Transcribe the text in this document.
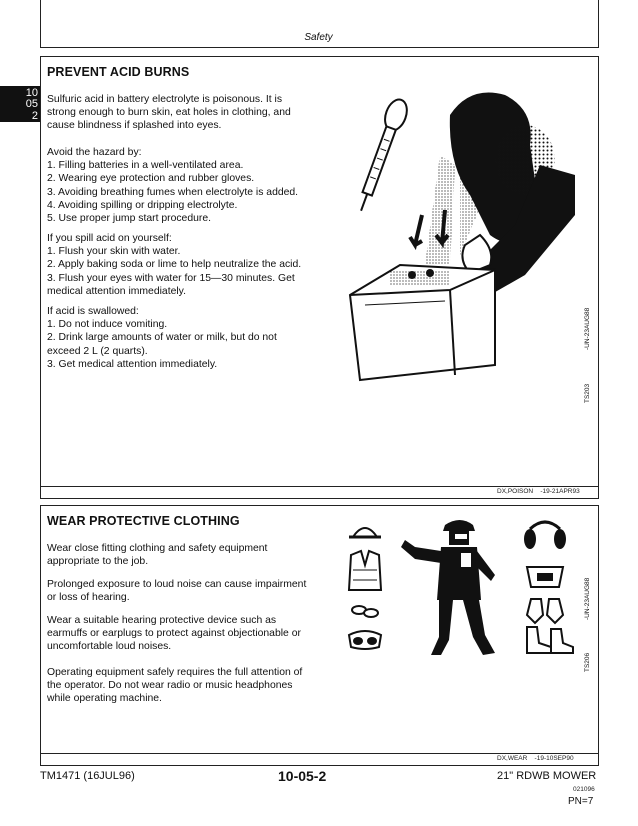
Safety
10
05
2
PREVENT ACID BURNS
Sulfuric acid in battery electrolyte is poisonous. It is
strong enough to burn skin, eat holes in clothing, and
cause blindness if splashed into eyes.
Avoid the hazard by:
1. Filling batteries in a well-ventilated area.
2. Wearing eye protection and rubber gloves.
3. Avoiding breathing fumes when electrolyte is added.
4. Avoiding spilling or dripping electrolyte.
5. Use proper jump start procedure.
If you spill acid on yourself:
1. Flush your skin with water.
2. Apply baking soda or lime to help neutralize the acid.
3. Flush your eyes with water for 15—30 minutes. Get
medical attention immediately.
If acid is swallowed:
1. Do not induce vomiting.
2. Drink large amounts of water or milk, but do not
exceed 2 L (2 quarts).
3. Get medical attention immediately.
TS203
-UN-23AUG88
DX,POISON    -19-21APR93
WEAR PROTECTIVE CLOTHING
Wear close fitting clothing and safety equipment
appropriate to the job.
Prolonged exposure to loud noise can cause impairment
or loss of hearing.
Wear a suitable hearing protective device such as
earmuffs or earplugs to protect against objectionable or
uncomfortable loud noises.
Operating equipment safely requires the full attention of
the operator. Do not wear radio or music headphones
while operating machine.
TS206
-UN-23AUG88
DX,WEAR    -19-10SEP90
TM1471 (16JUL96)	10-05-2	21" RDWB MOWER
021096
PN=7
